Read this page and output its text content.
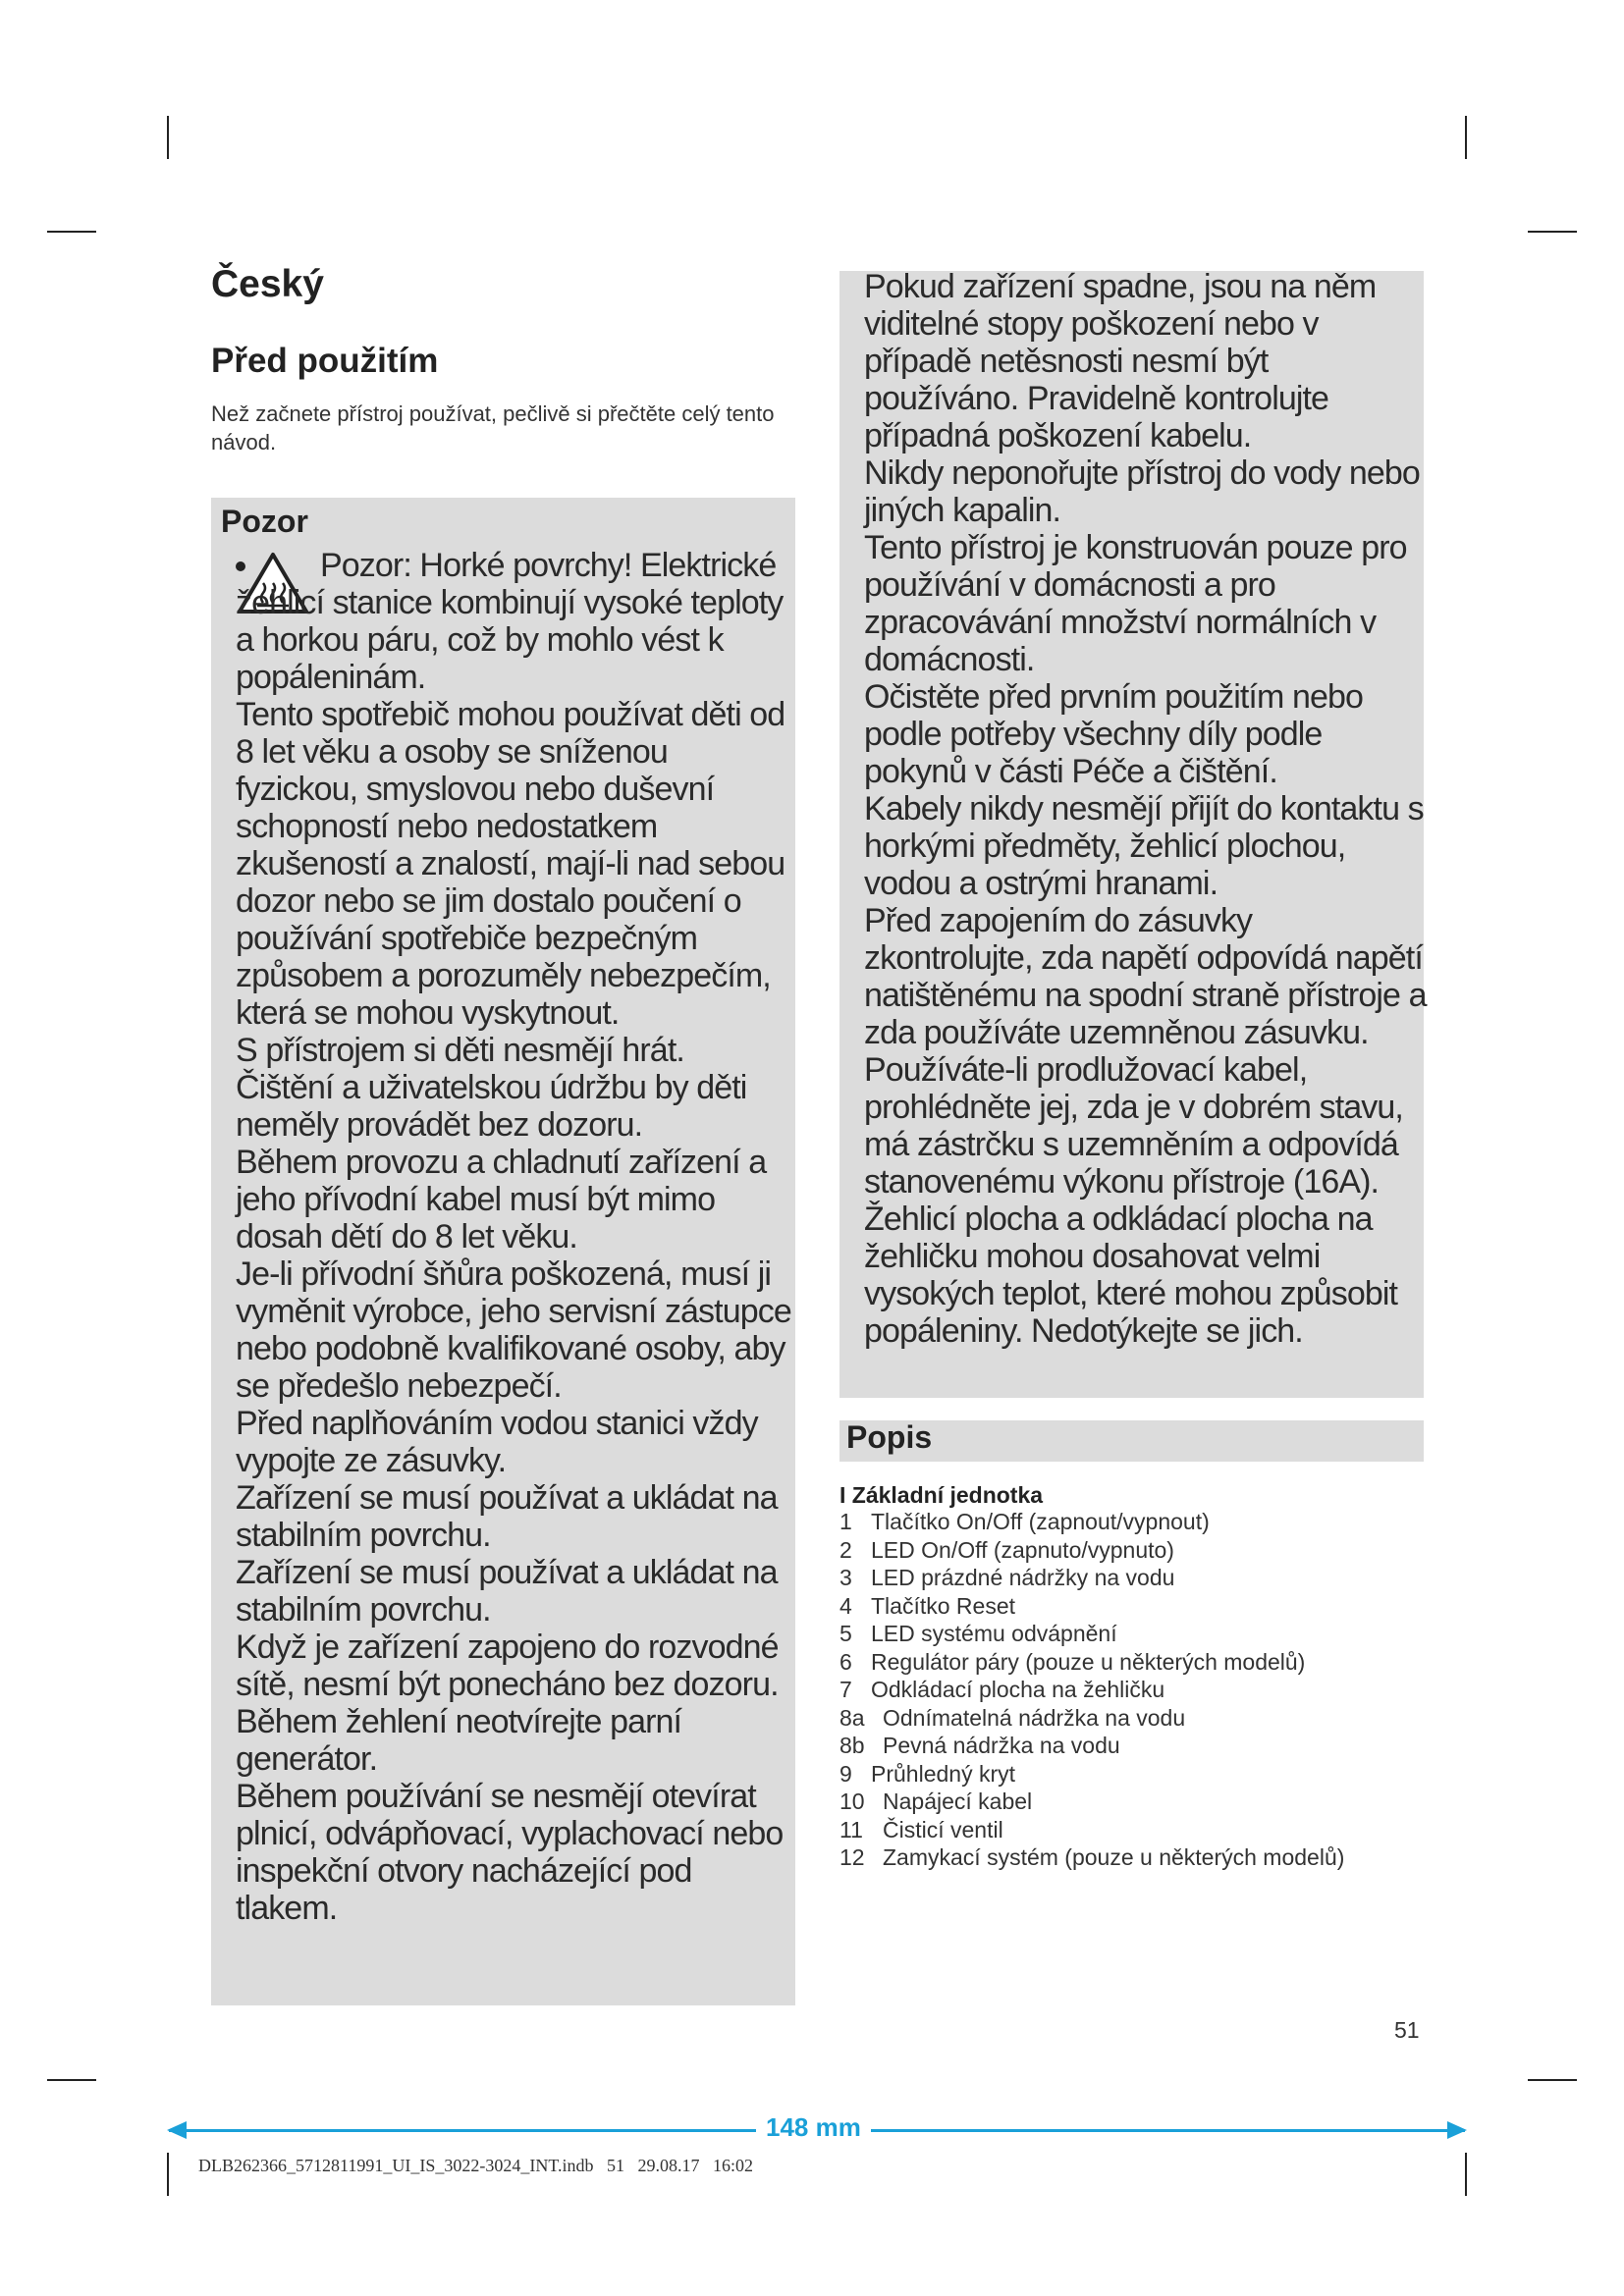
Český
Před použitím
Než začnete přístroj používat, pečlivě si přečtěte celý tento návod.
Pozor

Pozor: Horké povrchy! Elektrické žehlicí stanice kombinují vysoké teploty a horkou páru, což by mohlo vést k popáleninám.

Tento spotřebič mohou používat děti od 8 let věku a osoby se sníženou fyzickou, smyslovou nebo duševní schopností nebo nedostatkem zkušeností a znalostí, mají-li nad sebou dozor nebo se jim dostalo poučení o používání spotřebiče bezpečným způsobem a porozuměly nebezpečím, která se mohou vyskytnout.

S přístrojem si děti nesmějí hrát.

Čištění a uživatelskou údržbu by děti neměly provádět bez dozoru.

Během provozu a chladnutí zařízení a jeho přívodní kabel musí být mimo dosah dětí do 8 let věku.

Je-li přívodní šňůra poškozená, musí ji vyměnit výrobce, jeho servisní zástupce nebo podobně kvalifikované osoby, aby se předešlo nebezpečí.

Před naplňováním vodou stanici vždy vypojte ze zásuvky.

Zařízení se musí používat a ukládat na stabilním povrchu.

Zařízení se musí používat a ukládat na stabilním povrchu.

Když je zařízení zapojeno do rozvodné sítě, nesmí být ponecháno bez dozoru.

Během žehlení neotvírejte parní generátor.

Během používání se nesmějí otevírat plnicí, odvápňovací, vyplachovací nebo inspekční otvory nacházející pod tlakem.

Pokud zařízení spadne, jsou na něm viditelné stopy poškození nebo v případě netěsnosti nesmí být používáno. Pravidelně kontrolujte případná poškození kabelu.

Nikdy neponořujte přístroj do vody nebo jiných kapalin.

Tento přístroj je konstruován pouze pro používání v domácnosti a pro zpracovávání množství normálních v domácnosti.

Očistěte před prvním použitím nebo podle potřeby všechny díly podle pokynů v části Péče a čištění.

Kabely nikdy nesmějí přijít do kontaktu s horkými předměty, žehlicí plochou, vodou a ostrými hranami.

Před zapojením do zásuvky zkontrolujte, zda napětí odpovídá napětí natištěnému na spodní straně přístroje a zda používáte uzemněnou zásuvku.

Používáte-li prodlužovací kabel, prohlédněte jej, zda je v dobrém stavu, má zástrčku s uzemněním a odpovídá stanovenému výkonu přístroje (16A).

Žehlicí plocha a odkládací plocha na žehličku mohou dosahovat velmi vysokých teplot, které mohou způsobit popáleniny. Nedotýkejte se jich.

Popis
I Základní jednotka
1 Tlačítko On/Off (zapnout/vypnout)
2 LED On/Off (zapnuto/vypnuto)
3 LED prázdné nádržky na vodu
4 Tlačítko Reset
5 LED systému odvápnění
6 Regulátor páry (pouze u některých modelů)
7 Odkládací plocha na žehličku
8a Odnímatelná nádržka na vodu
8b Pevná nádržka na vodu
9 Průhledný kryt
10 Napájecí kabel
11 Čisticí ventil
12 Zamykací systém (pouze u některých modelů)
51
148 mm
DLB262366_5712811991_UI_IS_3022-3024_INT.indb   51   29.08.17   16:02
